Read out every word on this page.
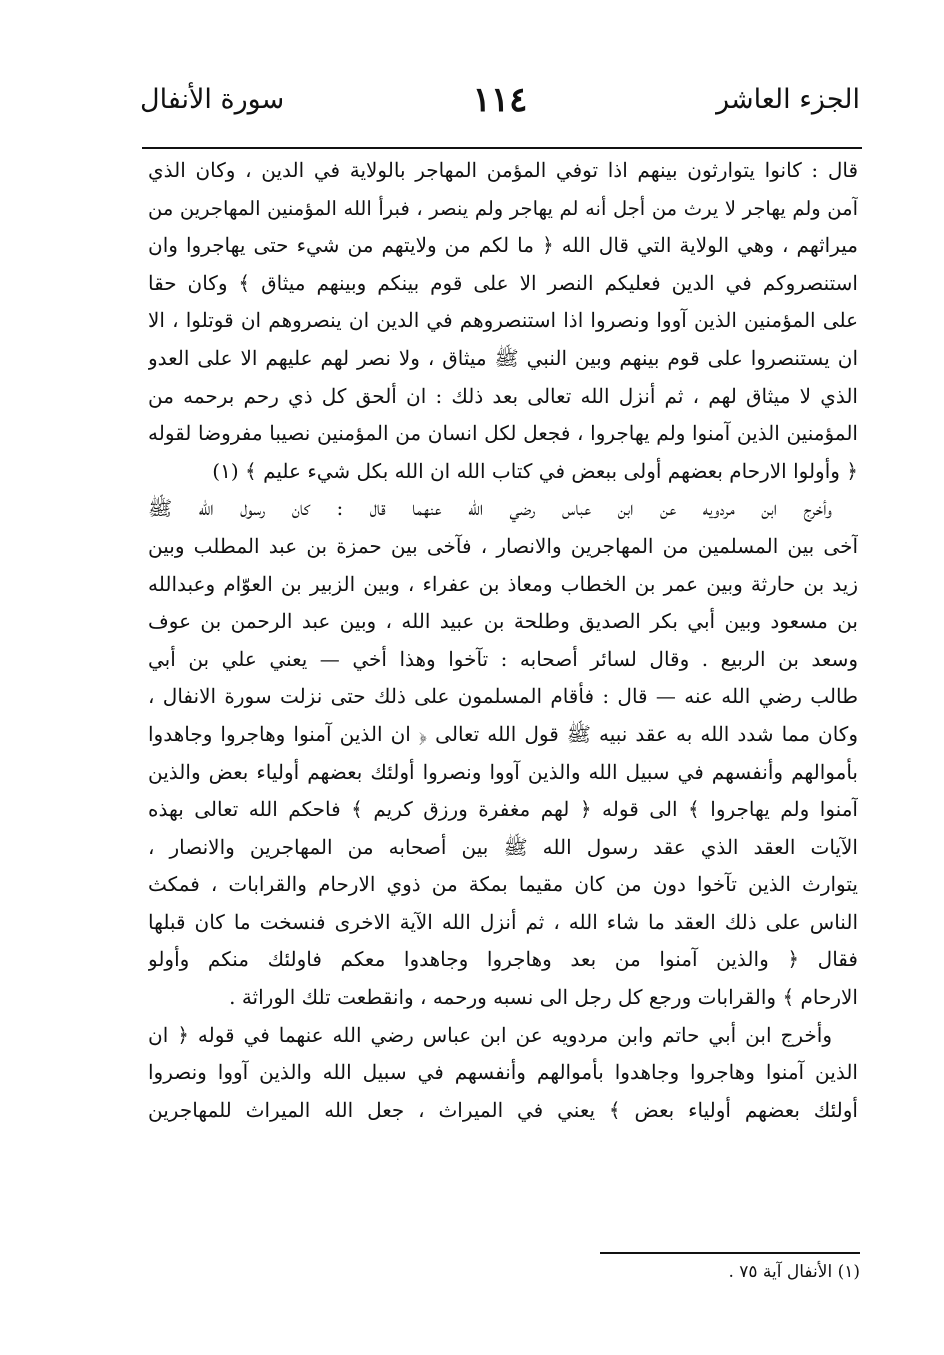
الجزء العاشر
١١٤
سورة الأنفال
قال : كانوا يتوارثون بينهم اذا توفي المؤمن المهاجر بالولاية في الدين ، وكان الذي
آمن ولم يهاجر لا يرث من أجل أنه لم يهاجر ولم ينصر ، فبرأ الله المؤمنين المهاجرين من
ميراثهم ، وهي الولاية التي قال الله ﴿ ما لكم من ولايتهم من شيء حتى يهاجروا وان
استنصروكم في الدين فعليكم النصر الا على قوم بينكم وبينهم ميثاق ﴾ وكان حقا
على المؤمنين الذين آووا ونصروا اذا استنصروهم في الدين ان ينصروهم ان قوتلوا ، الا
ان يستنصروا على قوم بينهم وبين النبي ﷺ ميثاق ، ولا نصر لهم عليهم الا على العدو
الذي لا ميثاق لهم ، ثم أنزل الله تعالى بعد ذلك : ان ألحق كل ذي رحم برحمه من
المؤمنين الذين آمنوا ولم يهاجروا ، فجعل لكل انسان من المؤمنين نصيبا مفروضا لقوله
﴿ وأولوا الارحام بعضهم أولى ببعض في كتاب الله ان الله بكل شيء عليم ﴾ (١)
وأخرج ابن مردويه عن ابن عباس رضي الله عنهما قال : كان رسول الله ﷺ
آخى بين المسلمين من المهاجرين والانصار ، فآخى بين حمزة بن عبد المطلب وبين
زيد بن حارثة وبين عمر بن الخطاب ومعاذ بن عفراء ، وبين الزبير بن العوّام وعبدالله
بن مسعود وبين أبي بكر الصديق وطلحة بن عبيد الله ، وبين عبد الرحمن بن عوف
وسعد بن الربيع . وقال لسائر أصحابه : تآخوا وهذا أخي — يعني علي بن أبي
طالب رضي الله عنه — قال : فأقام المسلمون على ذلك حتى نزلت سورة الانفال ،
وكان مما شدد الله به عقد نبيه ﷺ قول الله تعالى ﴿ ان الذين آمنوا وهاجروا وجاهدوا
بأموالهم وأنفسهم في سبيل الله والذين آووا ونصروا أولئك بعضهم أولياء بعض والذين
آمنوا ولم يهاجروا ﴾ الى قوله ﴿ لهم مغفرة ورزق كريم ﴾ فاحكم الله تعالى بهذه
الآيات العقد الذي عقد رسول الله ﷺ بين أصحابه من المهاجرين والانصار ،
يتوارث الذين تآخوا دون من كان مقيما بمكة من ذوي الارحام والقرابات ، فمكث
الناس على ذلك العقد ما شاء الله ، ثم أنزل الله الآية الاخرى فنسخت ما كان قبلها
فقال ﴿ والذين آمنوا من بعد وهاجروا وجاهدوا معكم فاولئك منكم وأولو
الارحام ﴾ والقرابات ورجع كل رجل الى نسبه ورحمه ، وانقطعت تلك الوراثة .
وأخرج ابن أبي حاتم وابن مردويه عن ابن عباس رضي الله عنهما في قوله ﴿ ان
الذين آمنوا وهاجروا وجاهدوا بأموالهم وأنفسهم في سبيل الله والذين آووا ونصروا
أولئك بعضهم أولياء بعض ﴾ يعني في الميراث ، جعل الله الميراث للمهاجرين
(١) الأنفال آية ٧٥ .
